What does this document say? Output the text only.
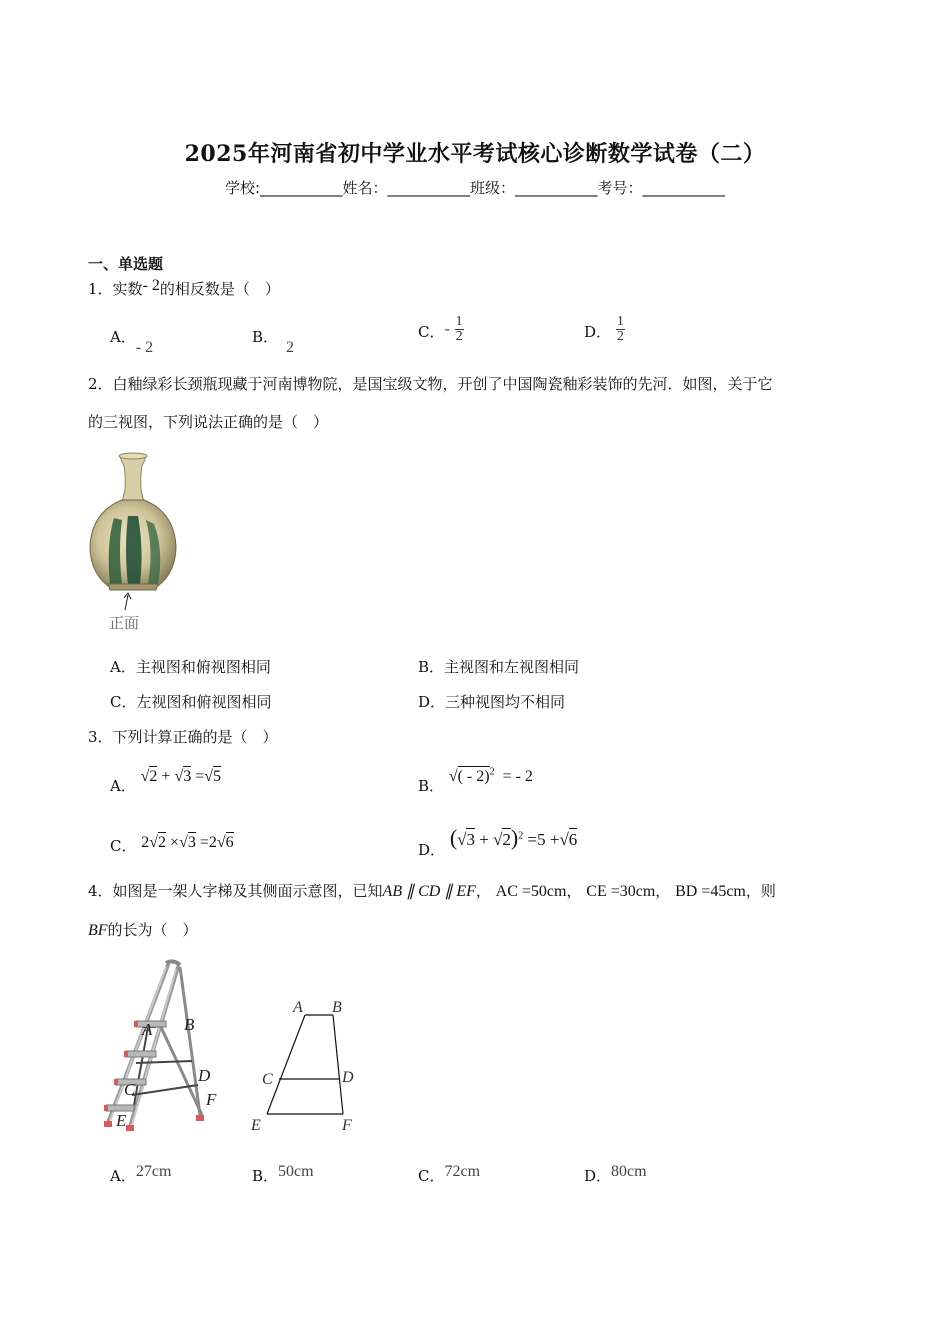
2025年河南省初中学业水平考试核心诊断数学试卷（二）
学校:___________姓名：___________班级：___________考号：___________
一、单选题
1．实数- 2的相反数是（　）
A．- 2
B．2
C．- $\frac{1}{2}$	D． $\frac{1}{2}$
2．白釉绿彩长颈瓶现藏于河南博物院，是国宝级文物，开创了中国陶瓷釉彩装饰的先河．如图，关于它
的三视图，下列说法正确的是（　）
正面
A．主视图和俯视图相同	B．主视图和左视图相同
C．左视图和俯视图相同	D．三种视图均不相同
3．下列计算正确的是（　）
A． √2 + √3 =√5
B． √( - 2)$^2$ = - 2
C． 2√2 ×√3 =2√6	D． $(√3 + √2)^2 =5 +√6$
4．如图是一架人字梯及其侧面示意图，已知AB ∥ CD ∥ EF， AC =50cm， CE =30cm， BD =45cm，则
BF的长为（　）
A B
C
D
E
F
A B
C	D
E	F
A．27cm	B．50cm	C．72cm	D．80cm
